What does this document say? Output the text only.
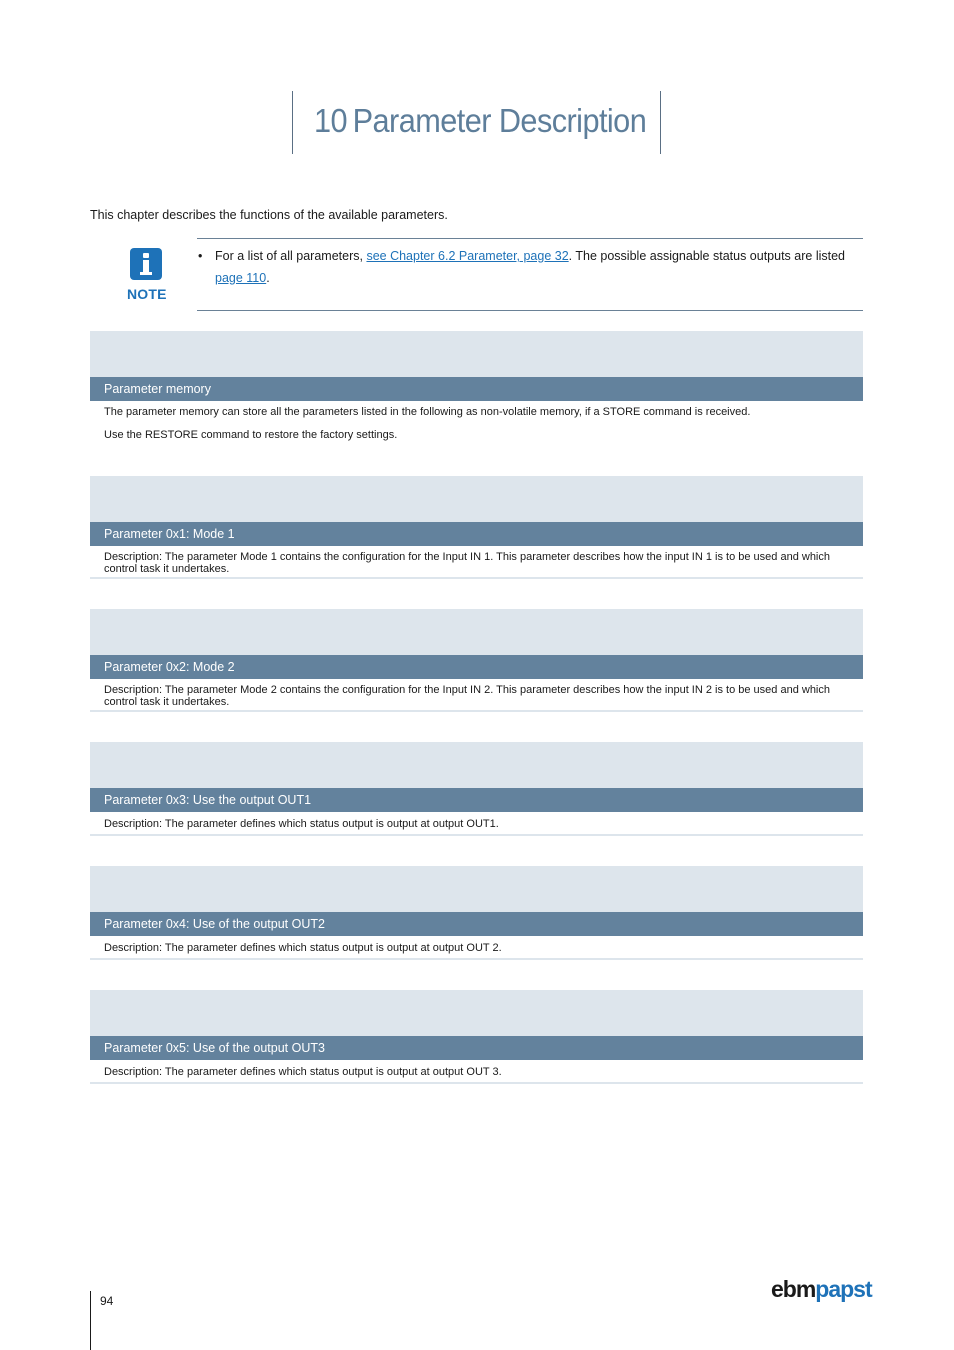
10 Parameter Description
This chapter describes the functions of the available parameters.
NOTE
• For a list of all parameters, see Chapter 6.2 Parameter, page 32. The possible assignable status outputs are listed page 110.
Parameter memory
The parameter memory can store all the parameters listed in the following as non-volatile memory, if a STORE command is received.
Use the RESTORE command to restore the factory settings.
Parameter 0x1: Mode 1
Description: The parameter Mode 1 contains the configuration for the Input IN 1. This parameter describes how the input IN 1 is to be used and which control task it undertakes.
Parameter 0x2: Mode 2
Description: The parameter Mode 2 contains the configuration for the Input IN 2. This parameter describes how the input IN 2 is to be used and which control task it undertakes.
Parameter 0x3: Use the output OUT1
Description: The parameter defines which status output is output at output OUT1.
Parameter 0x4: Use of the output OUT2
Description: The parameter defines which status output is output at output OUT 2.
Parameter 0x5: Use of the output OUT3
Description: The parameter defines which status output is output at output OUT 3.
94	ebmpapst
